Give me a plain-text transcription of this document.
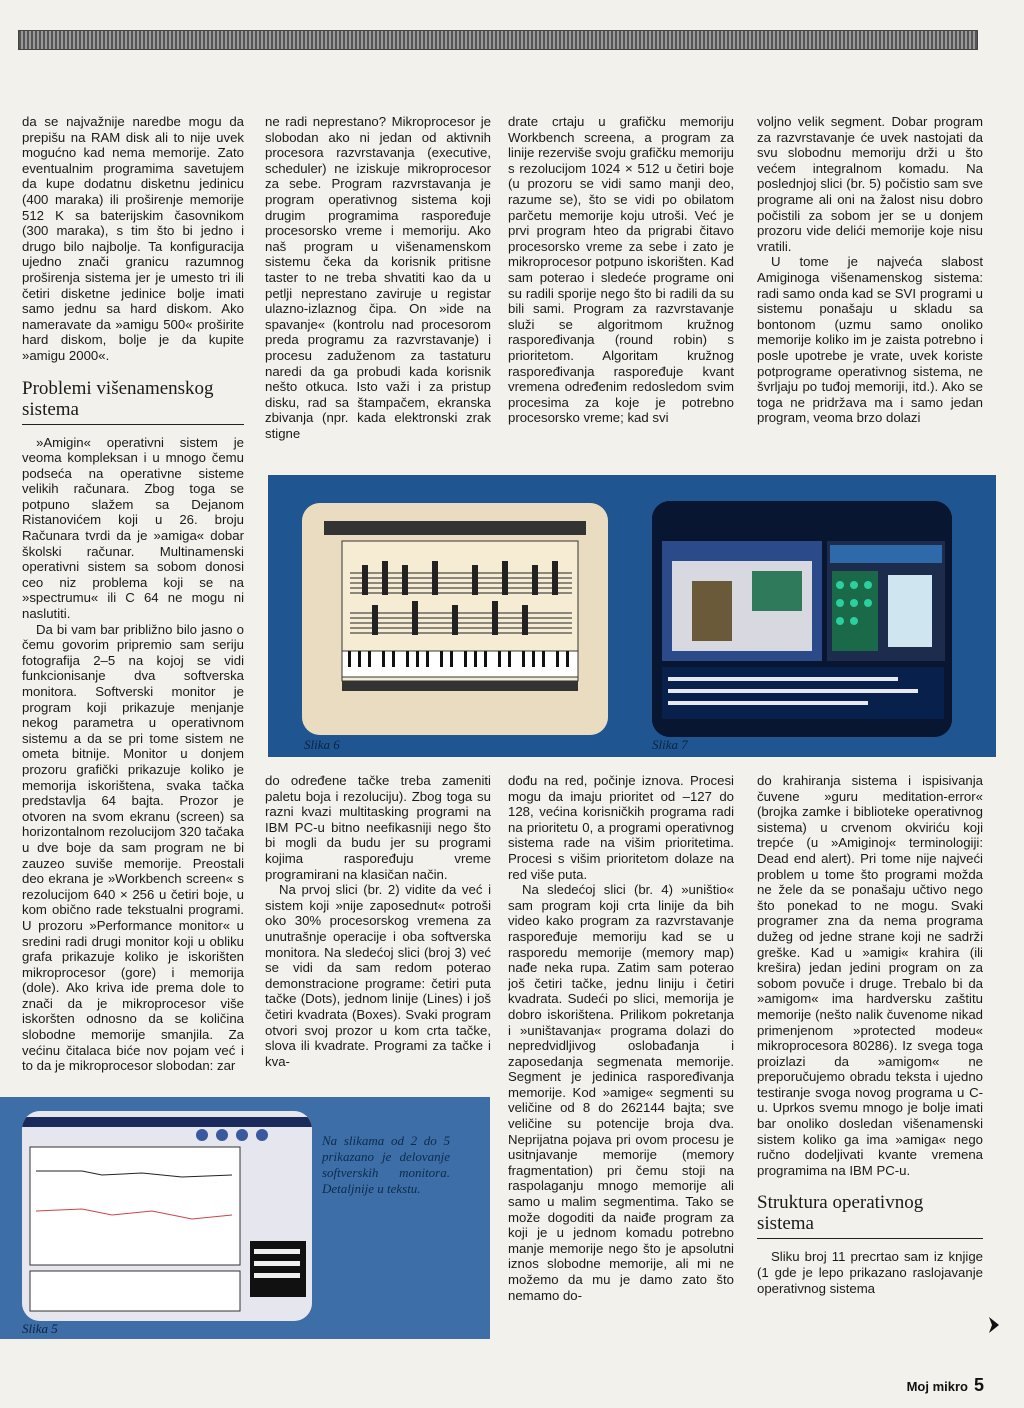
da se najvažnije naredbe mogu da prepišu na RAM disk ali to nije uvek mogućno kad nema memorije. Zato eventualnim programima savetujem da kupe dodatnu disketnu jedinicu (400 maraka) ili proširenje memorije 512 K sa baterijskim časovnikom (300 maraka), s tim što bi jedno i drugo bilo najbolje. Ta konfiguracija ujedno znači granicu razumnog proširenja sistema jer je umesto tri ili četiri disketne jedinice bolje imati samo jednu sa hard diskom. Ako nameravate da »amigu 500« proširite hard diskom, bolje je da kupite »amigu 2000«.

Problemi višenamenskog sistema

»Amigin« operativni sistem je veoma kompleksan i u mnogo čemu podseća na operativne sisteme velikih računara. Zbog toga se potpuno slažem sa Dejanom Ristanovićem koji u 26. broju Računara tvrdi da je »amiga« dobar školski računar. Multinamenski operativni sistem sa sobom donosi ceo niz problema koji se na »spectrumu« ili C 64 ne mogu ni naslutiti.

Da bi vam bar približno bilo jasno o čemu govorim pripremio sam seriju fotografija 2–5 na kojoj se vidi funkcionisanje dva softverska monitora. Softverski monitor je program koji prikazuje menjanje nekog parametra u operativnom sistemu a da se pri tome sistem ne ometa bitnije. Monitor u donjem prozoru grafički prikazuje koliko je memorija iskorištena, svaka tačka predstavlja 64 bajta. Prozor je otvoren na svom ekranu (screen) sa horizontalnom rezolucijom 320 tačaka u dve boje da sam program ne bi zauzeo suviše memorije. Preostali deo ekrana je »Workbench screen« s rezolucijom 640 × 256 u četiri boje, u kom obično rade tekstualni programi. U prozoru »Performance monitor« u sredini radi drugi monitor koji u obliku grafa prikazuje koliko je iskorišten mikroprocesor (gore) i memorija (dole). Ako kriva ide prema dole to znači da je mikroprocesor više iskoršten odnosno da se količina slobodne memorije smanjila. Za većinu čitalaca biće nov pojam već i to da je mikroprocesor slobodan: zar

ne radi neprestano? Mikroprocesor je slobodan ako ni jedan od aktivnih procesora razvrstavanja (executive, scheduler) ne iziskuje mikroprocesor za sebe. Program razvrstavanja je program operativnog sistema koji drugim programima raspoređuje procesorsko vreme i memoriju. Ako naš program u višenamenskom sistemu čeka da korisnik pritisne taster to ne treba shvatiti kao da u petlji neprestano zaviruje u registar ulazno-izlaznog čipa. On »ide na spavanje« (kontrolu nad procesorom preda programu za razvrstavanje) i procesu zaduženom za tastaturu naredi da ga probudi kada korisnik nešto otkuca. Isto važi i za pristup disku, rad sa štampačem, ekranska zbivanja (npr. kada elektronski zrak stigne

drate crtaju u grafičku memoriju Workbench screena, a program za linije rezerviše svoju grafičku memoriju s rezolucijom 1024 × 512 u četiri boje (u prozoru se vidi samo manji deo, razume se), što se vidi po obilatom parčetu memorije koju utroši. Već je prvi program hteo da prigrabi čitavo procesorsko vreme za sebe i zato je mikroprocesor potpuno iskorišten. Kad sam poterao i sledeće programe oni su radili sporije nego što bi radili da su bili sami. Program za razvrstavanje služi se algoritmom kružnog raspoređivanja (round robin) s prioritetom. Algoritam kružnog raspoređivanja raspoređuje kvant vremena određenim redosledom svim procesima za koje je potrebno procesorsko vreme; kad svi

voljno velik segment. Dobar program za razvrstavanje će uvek nastojati da svu slobodnu memoriju drži u što većem integralnom komadu. Na poslednjoj slici (br. 5) počistio sam sve programe ali oni na žalost nisu dobro počistili za sobom jer se u donjem prozoru vide delići memorije koje nisu vratili.

U tome je najveća slabost Amiginoga višenamenskog sistema: radi samo onda kad se SVI programi u sistemu ponašaju u skladu sa bontonom (uzmu samo onoliko memorije koliko im je zaista potrebno i posle upotrebe je vrate, uvek koriste potprograme operativnog sistema, ne švrljaju po tuđoj memoriji, itd.). Ako se toga ne pridržava ma i samo jedan program, veoma brzo dolazi

Slika 6	Slika 7

do određene tačke treba zameniti paletu boja i rezoluciju). Zbog toga su razni kvazi multitasking programi na IBM PC-u bitno neefikasniji nego što bi mogli da budu jer su programi kojima raspoređuju vreme programirani na klasičan način.

Na prvoj slici (br. 2) vidite da već i sistem koji »nije zaposednut« potroši oko 30% procesorskog vremena za unutrašnje operacije i oba softverska monitora. Na sledećoj slici (broj 3) već se vidi da sam redom poterao demonstracione programe: četiri puta tačke (Dots), jednom linije (Lines) i još četiri kvadrata (Boxes). Svaki program otvori svoj prozor u kom crta tačke, slova ili kvadrate. Programi za tačke i kva-

dođu na red, počinje iznova. Procesi mogu da imaju prioritet od –127 do 128, većina korisničkih programa radi na prioritetu 0, a programi operativnog sistema rade na višim prioritetima. Procesi s višim prioritetom dolaze na red više puta.

Na sledećoj slici (br. 4) »uništio« sam program koji crta linije da bih video kako program za razvrstavanje raspoređuje memoriju kad se u rasporedu memorije (memory map) nađe neka rupa. Zatim sam poterao još četiri tačke, jednu liniju i četiri kvadrata. Sudeći po slici, memorija je dobro iskorištena. Prilikom pokretanja i »uništavanja« programa dolazi do nepredvidljivog oslobađanja i zaposedanja segmenata memorije. Segment je jedinica raspoređivanja memorije. Kod »amige« segmenti su veličine od 8 do 262144 bajta; sve veličine su potencije broja dva. Neprijatna pojava pri ovom procesu je usitnjavanje memorije (memory fragmentation) pri čemu stoji na raspolaganju mnogo memorije ali samo u malim segmentima. Tako se može dogoditi da naiđe program za koji je u jednom komadu potrebno manje memorije nego što je apsolutni iznos slobodne memorije, ali mi ne možemo da mu je damo zato što nemamo do-

do krahiranja sistema i ispisivanja čuvene »guru meditation-error« (brojka zamke i biblioteke operativnog sistema) u crvenom okviriću koji trepće (u »Amiginoj« terminologiji: Dead end alert). Pri tome nije najveći problem u tome što programi možda ne žele da se ponašaju učtivo nego što ponekad to ne mogu. Svaki programer zna da nema programa dužeg od jedne strane koji ne sadrži greške. Kad u »amigi« krahira (ili krešira) jedan jedini program on za sobom povuče i druge. Trebalo bi da »amigom« ima hardversku zaštitu memorije (nešto nalik čuvenome nikad primenjenom »protected modeu« mikroprocesora 80286). Iz svega toga proizlazi da »amigom« ne preporučujemo obradu teksta i ujedno testiranje svoga novog programa u C-u. Uprkos svemu mnogo je bolje imati bar onoliko dosledan višenamenski sistem koliko ga ima »amiga« nego ručno dodeljivati kvante vremena programima na IBM PC-u.

Struktura operativnog sistema

Sliku broj 11 precrtao sam iz knjige (1 gde je lepo prikazano raslojavanje operativnog sistema

Na slikama od 2 do 5 prikazano je delovanje softverskih monitora. Detaljnije u tekstu.
Slika 5
Moj mikro 5
